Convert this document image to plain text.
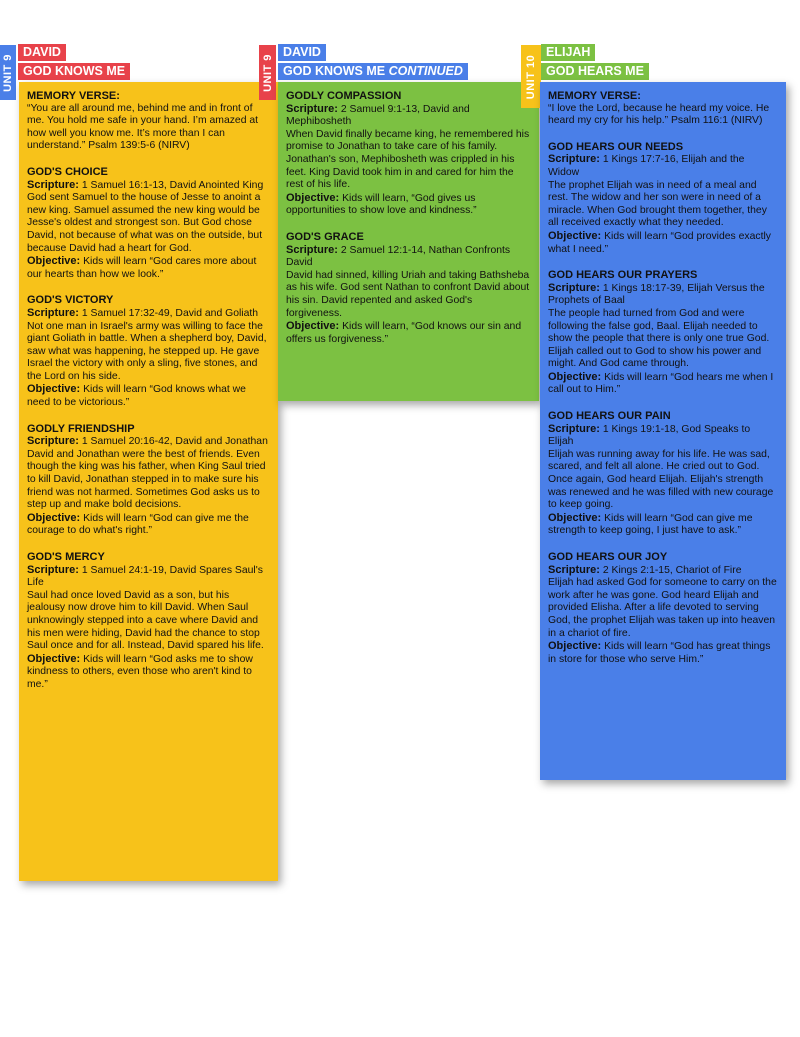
UNIT 9
DAVID
GOD KNOWS ME
MEMORY VERSE:

“You are all around me, behind me and in front of me. You hold me safe in your hand. I’m amazed at how well you know me. It’s more than I can understand.” Psalm 139:5-6 (NIRV)

GOD'S CHOICE

Scripture: 1 Samuel 16:1-13, David Anointed King

God sent Samuel to the house of Jesse to anoint a new king. Samuel assumed the new king would be Jesse's oldest and strongest son. But God chose David, not because of what was on the outside, but because David had a heart for God.

Objective: Kids will learn “God cares more about our hearts than how we look.”

GOD'S VICTORY

Scripture: 1 Samuel 17:32-49, David and Goliath

Not one man in Israel's army was willing to face the giant Goliath in battle. When a shepherd boy, David, saw what was happening, he stepped up. He gave Israel the victory with only a sling, five stones, and the Lord on his side.

Objective: Kids will learn “God knows what we need to be victorious.”

GODLY FRIENDSHIP

Scripture: 1 Samuel 20:16-42, David and Jonathan

David and Jonathan were the best of friends. Even though the king was his father, when King Saul tried to kill David, Jonathan stepped in to make sure his friend was not harmed. Sometimes God asks us to step up and make bold decisions.

Objective: Kids will learn “God can give me the courage to do what's right.”

GOD'S MERCY

Scripture: 1 Samuel 24:1-19, David Spares Saul's Life

Saul had once loved David as a son, but his jealousy now drove him to kill David. When Saul unknowingly stepped into a cave where David and his men were hiding, David had the chance to stop Saul once and for all. Instead, David spared his life.

Objective: Kids will learn “God asks me to show kindness to others, even those who aren't kind to me.”

UNIT 9
DAVID
GOD KNOWS ME CONTINUED
GODLY COMPASSION

Scripture: 2 Samuel 9:1-13, David and Mephibosheth

When David finally became king, he remembered his promise to Jonathan to take care of his family. Jonathan's son, Mephibosheth was crippled in his feet. King David took him in and cared for him the rest of his life.

Objective: Kids will learn, “God gives us opportunities to show love and kindness.”

GOD'S GRACE

Scripture: 2 Samuel 12:1-14, Nathan Confronts David

David had sinned, killing Uriah and taking Bathsheba as his wife. God sent Nathan to confront David about his sin. David repented and asked God's forgiveness.

Objective: Kids will learn, “God knows our sin and offers us forgiveness.”

UNIT 10
ELIJAH
GOD HEARS ME
MEMORY VERSE:

“I love the Lord, because he heard my voice. He heard my cry for his help.” Psalm 116:1 (NIRV)

GOD HEARS OUR NEEDS

Scripture: 1 Kings 17:7-16, Elijah and the Widow

The prophet Elijah was in need of a meal and rest. The widow and her son were in need of a miracle. When God brought them together, they all received exactly what they needed.

Objective: Kids will learn “God provides exactly what I need.”

GOD HEARS OUR PRAYERS

Scripture: 1 Kings 18:17-39, Elijah Versus the Prophets of Baal

The people had turned from God and were following the false god, Baal. Elijah needed to show the people that there is only one true God. Elijah called out to God to show his power and might. And God came through.

Objective: Kids will learn “God hears me when I call out to Him.”

GOD HEARS OUR PAIN

Scripture: 1 Kings 19:1-18, God Speaks to Elijah

Elijah was running away for his life. He was sad, scared, and felt all alone. He cried out to God. Once again, God heard Elijah. Elijah's strength was renewed and he was filled with new courage to keep going.

Objective: Kids will learn “God can give me strength to keep going, I just have to ask.”

GOD HEARS OUR JOY

Scripture: 2 Kings 2:1-15, Chariot of Fire

Elijah had asked God for someone to carry on the work after he was gone. God heard Elijah and provided Elisha. After a life devoted to serving God, the prophet Elijah was taken up into heaven in a chariot of fire.

Objective: Kids will learn “God has great things in store for those who serve Him.”
